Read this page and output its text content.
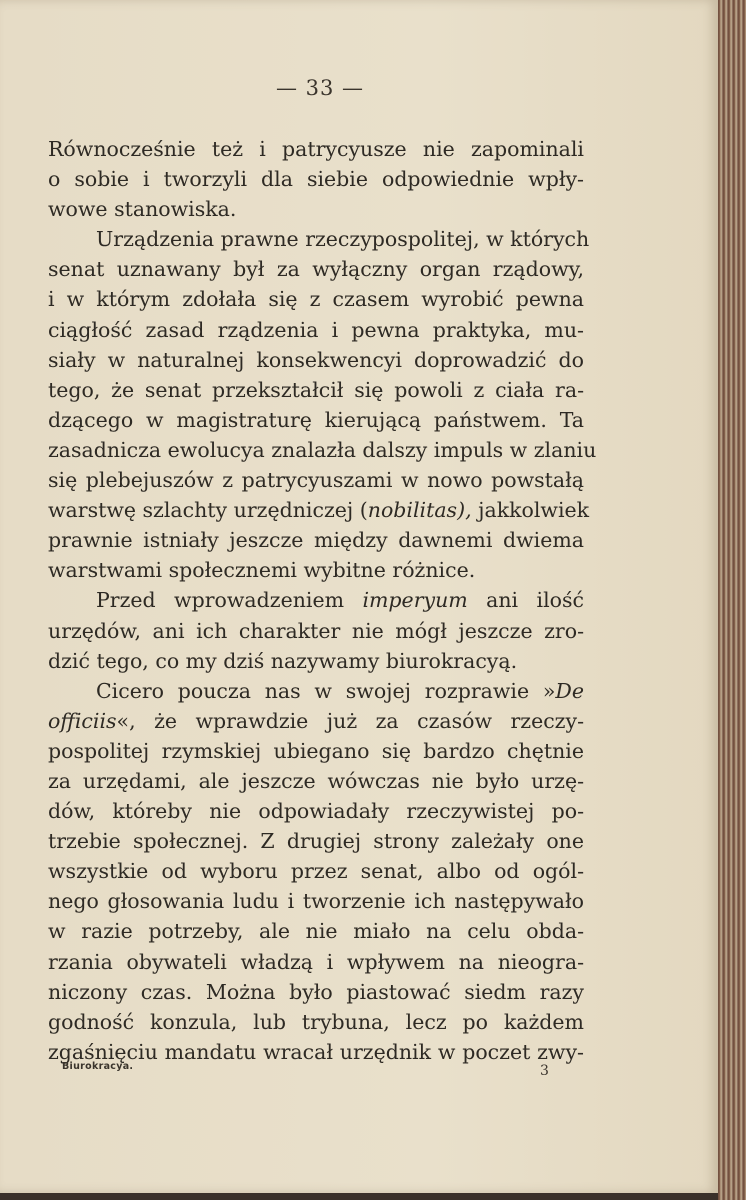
— 33 —
Równocześnie też i patrycyusze nie zapominali
o sobie i tworzyli dla siebie odpowiednie wpły-
wowe stanowiska.
Urządzenia prawne rzeczypospolitej, w których
senat uznawany był za wyłączny organ rządowy,
i w którym zdołała się z czasem wyrobić pewna
ciągłość zasad rządzenia i pewna praktyka, mu-
siały w naturalnej konsekwencyi doprowadzić do
tego, że senat przekształcił się powoli z ciała ra-
dzącego w magistraturę kierującą państwem. Ta
zasadnicza ewolucya znalazła dalszy impuls w zlaniu
się plebejuszów z patrycyuszami w nowo powstałą
warstwę szlachty urzędniczej (nobilitas), jakkolwiek
prawnie istniały jeszcze między dawnemi dwiema
warstwami społecznemi wybitne różnice.
Przed wprowadzeniem imperyum ani ilość
urzędów, ani ich charakter nie mógł jeszcze zro-
dzić tego, co my dziś nazywamy biurokracyą.
Cicero poucza nas w swojej rozprawie »De
officiis«, że wprawdzie już za czasów rzeczy-
pospolitej rzymskiej ubiegano się bardzo chętnie
za urzędami, ale jeszcze wówczas nie było urzę-
dów, któreby nie odpowiadały rzeczywistej po-
trzebie społecznej. Z drugiej strony zależały one
wszystkie od wyboru przez senat, albo od ogól-
nego głosowania ludu i tworzenie ich następywało
w razie potrzeby, ale nie miało na celu obda-
rzania obywateli władzą i wpływem na nieogra-
niczony czas. Można było piastować siedm razy
godność konzula, lub trybuna, lecz po każdem
zgaśnięciu mandatu wracał urzędnik w poczet zwy-
Biurokracya.	3
